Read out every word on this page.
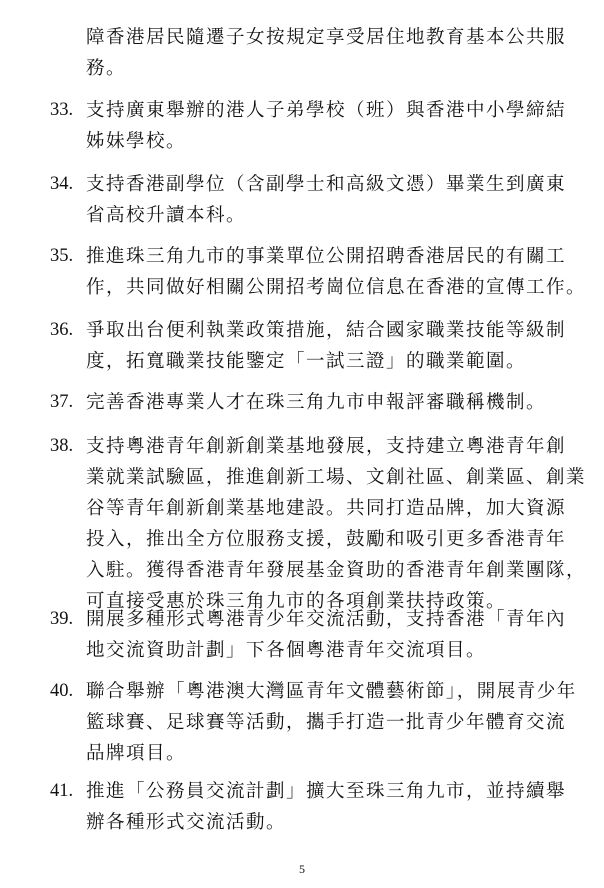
障香港居民隨遷子女按規定享受居住地教育基本公共服
務。
33. 支持廣東舉辦的港人子弟學校（班）與香港中小學締結
姊妹學校。
34. 支持香港副學位（含副學士和高級文憑）畢業生到廣東
省高校升讀本科。
35. 推進珠三角九市的事業單位公開招聘香港居民的有關工
作，共同做好相關公開招考崗位信息在香港的宣傳工作。
36. 爭取出台便利執業政策措施，結合國家職業技能等級制
度，拓寬職業技能鑒定「一試三證」的職業範圍。
37. 完善香港專業人才在珠三角九市申報評審職稱機制。
38. 支持粵港青年創新創業基地發展，支持建立粵港青年創
業就業試驗區，推進創新工場、文創社區、創業區、創業
谷等青年創新創業基地建設。共同打造品牌，加大資源
投入，推出全方位服務支援，鼓勵和吸引更多香港青年
入駐。獲得香港青年發展基金資助的香港青年創業團隊，
可直接受惠於珠三角九市的各項創業扶持政策。
39. 開展多種形式粵港青少年交流活動，支持香港「青年內
地交流資助計劃」下各個粵港青年交流項目。
40. 聯合舉辦「粵港澳大灣區青年文體藝術節」，開展青少年
籃球賽、足球賽等活動，攜手打造一批青少年體育交流
品牌項目。
41. 推進「公務員交流計劃」擴大至珠三角九市，並持續舉
辦各種形式交流活動。
5
